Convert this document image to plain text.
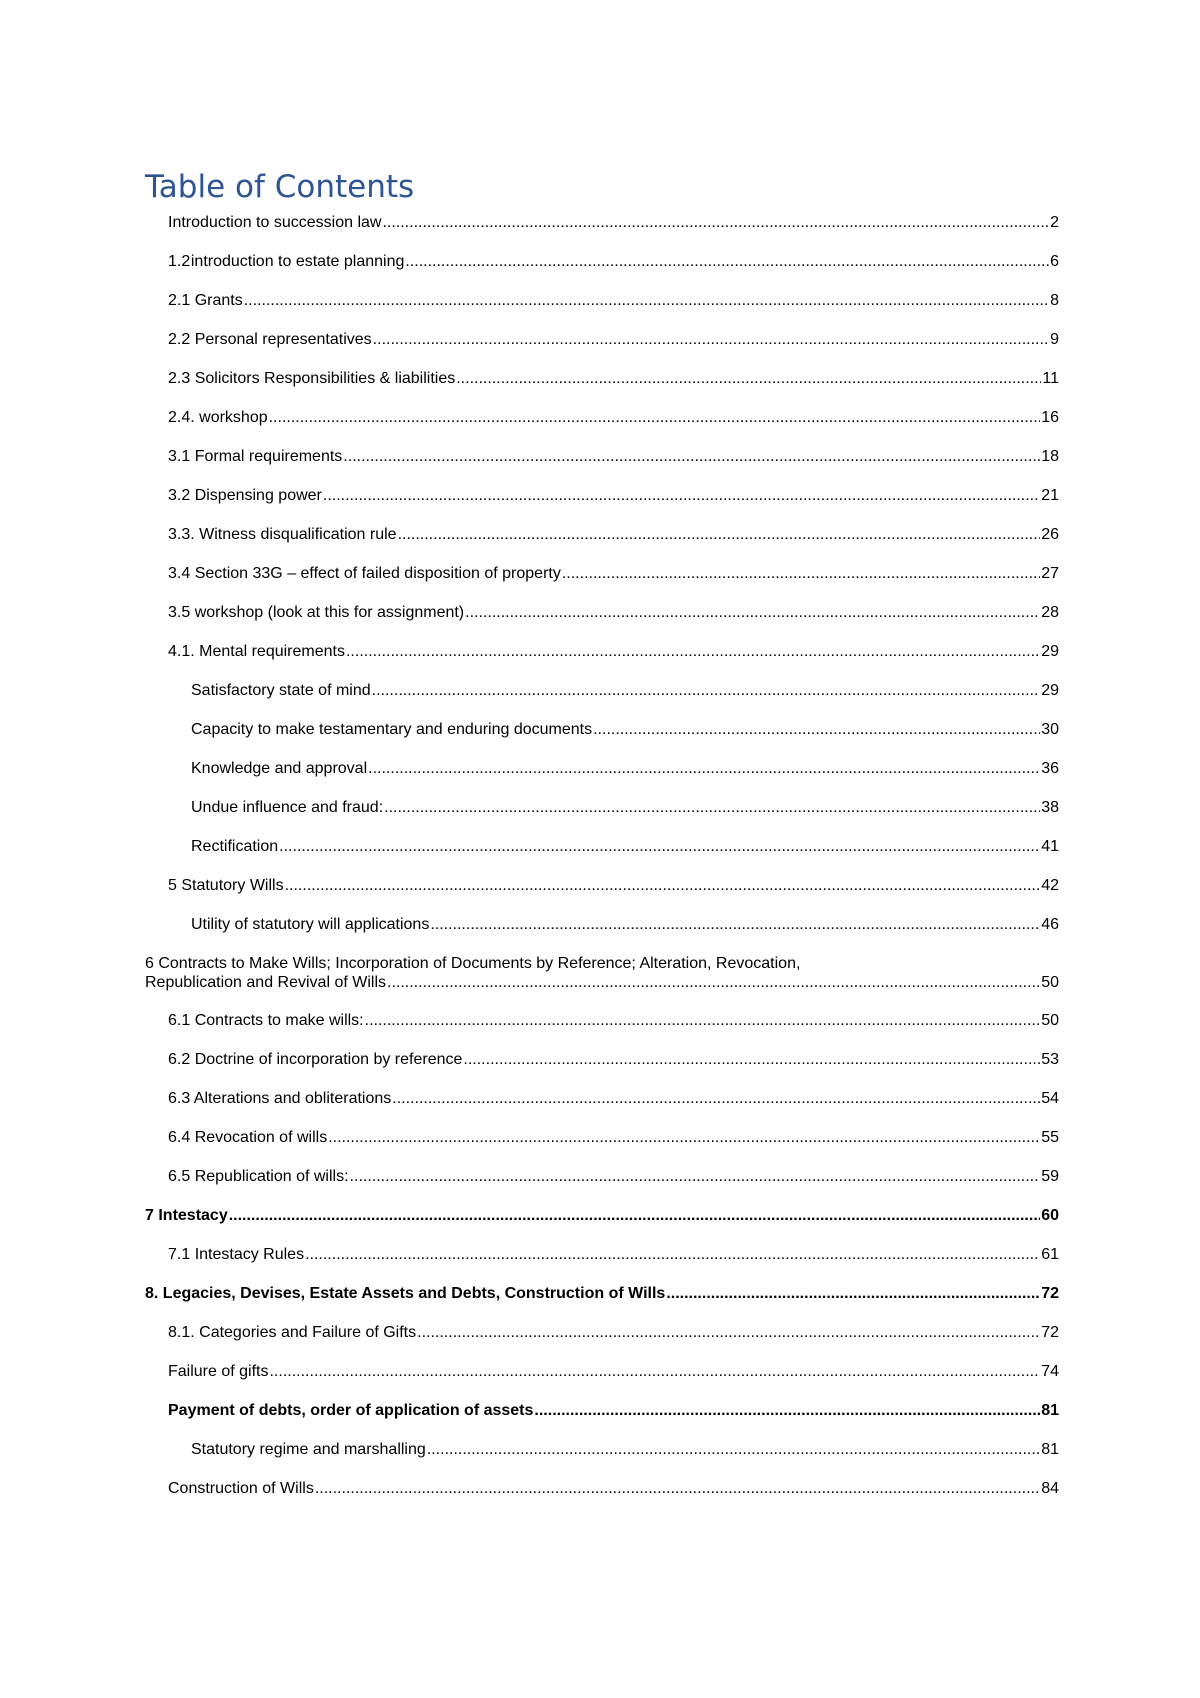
Table of Contents
Introduction to succession law .....	2
1.2 introduction to estate planning .....	6
2.1 Grants .....	8
2.2 Personal representatives .....	9
2.3 Solicitors Responsibilities & liabilities .....	11
2.4. workshop .....	16
3.1 Formal requirements .....	18
3.2 Dispensing power .....	21
3.3. Witness disqualification rule .....	26
3.4 Section 33G – effect of failed disposition of property .....	27
3.5 workshop (look at this for assignment) .....	28
4.1. Mental requirements .....	29
Satisfactory state of mind .....	29
Capacity to make testamentary and enduring documents .....	30
Knowledge and approval .....	36
Undue influence and fraud: .....	38
Rectification .....	41
5 Statutory Wills .....	42
Utility of statutory will applications .....	46
6 Contracts to Make Wills; Incorporation of Documents by Reference; Alteration, Revocation,
Republication and Revival of Wills .....	50
6.1 Contracts to make wills: .....	50
6.2 Doctrine of incorporation by reference .....	53
6.3 Alterations and obliterations .....	54
6.4 Revocation of wills .....	55
6.5 Republication of wills: .....	59
7 Intestacy .....	60
7.1 Intestacy Rules .....	61
8. Legacies, Devises, Estate Assets and Debts, Construction of Wills .....	72
8.1. Categories and Failure of Gifts .....	72
Failure of gifts .....	74
Payment of debts, order of application of assets .....	81
Statutory regime and marshalling .....	81
Construction of Wills .....	84
